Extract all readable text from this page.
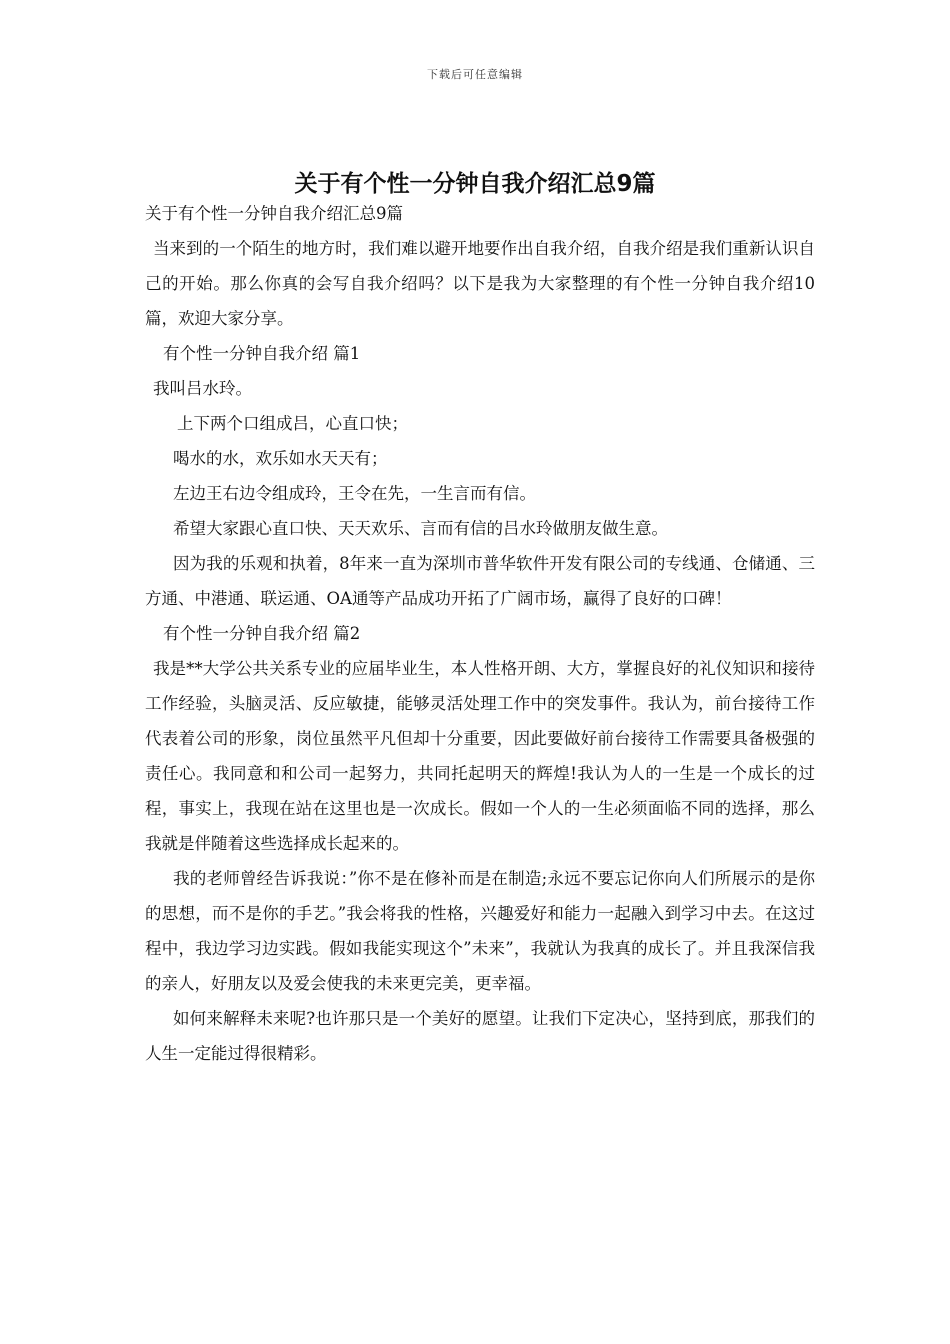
下载后可任意编辑
关于有个性一分钟自我介绍汇总9篇

关于有个性一分钟自我介绍汇总9篇

当来到的一个陌生的地方时，我们难以避开地要作出自我介绍，自我介绍是我们重新认识自己的开始。那么你真的会写自我介绍吗？以下是我为大家整理的有个性一分钟自我介绍10篇，欢迎大家分享。

有个性一分钟自我介绍 篇1

我叫吕水玲。

上下两个口组成吕，心直口快；

喝水的水，欢乐如水天天有；

左边王右边令组成玲，王令在先，一生言而有信。

希望大家跟心直口快、天天欢乐、言而有信的吕水玲做朋友做生意。

因为我的乐观和执着，8年来一直为深圳市普华软件开发有限公司的专线通、仓储通、三方通、中港通、联运通、OA通等产品成功开拓了广阔市场，赢得了良好的口碑！

有个性一分钟自我介绍 篇2

我是**大学公共关系专业的应届毕业生，本人性格开朗、大方，掌握良好的礼仪知识和接待工作经验，头脑灵活、反应敏捷，能够灵活处理工作中的突发事件。我认为，前台接待工作代表着公司的形象，岗位虽然平凡但却十分重要，因此要做好前台接待工作需要具备极强的责任心。我同意和和公司一起努力，共同托起明天的辉煌!我认为人的一生是一个成长的过程，事实上，我现在站在这里也是一次成长。假如一个人的一生必须面临不同的选择，那么我就是伴随着这些选择成长起来的。

我的老师曾经告诉我说：”你不是在修补而是在制造;永远不要忘记你向人们所展示的是你的思想，而不是你的手艺。”我会将我的性格，兴趣爱好和能力一起融入到学习中去。在这过程中，我边学习边实践。假如我能实现这个”未来”，我就认为我真的成长了。并且我深信我的亲人，好朋友以及爱会使我的未来更完美，更幸福。

如何来解释未来呢?也许那只是一个美好的愿望。让我们下定决心，坚持到底，那我们的人生一定能过得很精彩。
